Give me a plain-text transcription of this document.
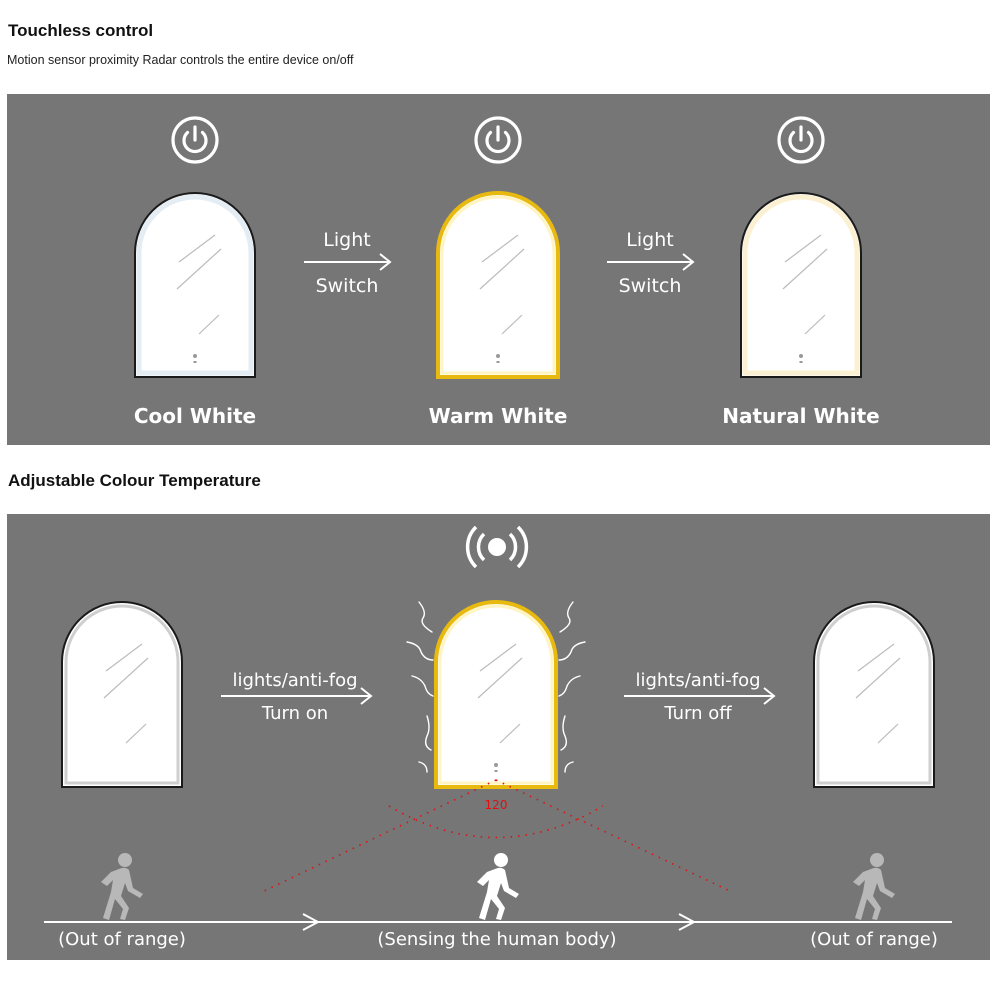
Touchless control
Motion sensor proximity Radar controls the entire device on/off
Light
Switch
Light
Switch
Cool White	Warm White	Natural White
Adjustable Colour Temperature
lights/anti-fog
Turn on
120
lights/anti-fog
Turn off
(Out of range)	(Sensing the human body)	(Out of range)
